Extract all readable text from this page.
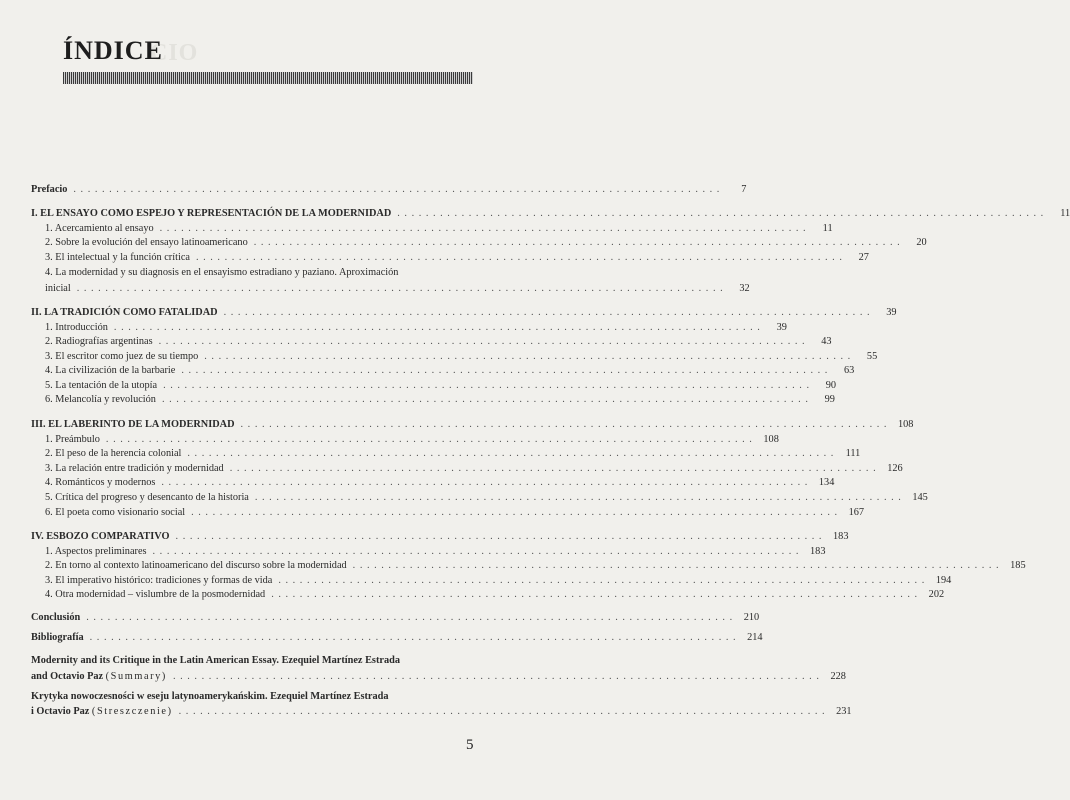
CIO
ÍNDICE
Prefacio . . .	7
I. EL ENSAYO COMO ESPEJO Y REPRESENTACIÓN DE LA MODERNIDAD . . .	11
1. Acercamiento al ensayo . . .	11
2. Sobre la evolución del ensayo latinoamericano . . .	20
3. El intelectual y la función crítica . . .	27
4. La modernidad y su diagnosis en el ensayismo estradiano y paziano. Aproximación
inicial . . .	32
II. LA TRADICIÓN COMO FATALIDAD . . .	39
1. Introducción . . .	39
2. Radiografías argentinas . . .	43
3. El escritor como juez de su tiempo . . .	55
4. La civilización de la barbarie . . .	63
5. La tentación de la utopía . . .	90
6. Melancolía y revolución . . .	99
III. EL LABERINTO DE LA MODERNIDAD . . .	108
1. Preámbulo . . .	108
2. El peso de la herencia colonial . . .	111
3. La relación entre tradición y modernidad . . .	126
4. Románticos y modernos . . .	134
5. Crítica del progreso y desencanto de la historia . . .	145
6. El poeta como visionario social . . .	167
IV. ESBOZO COMPARATIVO . . .	183
1. Aspectos preliminares . . .	183
2. En torno al contexto latinoamericano del discurso sobre la modernidad . . .	185
3. El imperativo histórico: tradiciones y formas de vida . . .	194
4. Otra modernidad – vislumbre de la posmodernidad . . .	202
Conclusión . . .	210
Bibliografía . . .	214
Modernity and its Critique in the Latin American Essay. Ezequiel Martínez Estrada
and Octavio Paz (Summary) . . .	228
Krytyka nowoczesności w eseju latynoamerykańskim. Ezequiel Martínez Estrada
i Octavio Paz (Streszczenie) . . .	231
5
